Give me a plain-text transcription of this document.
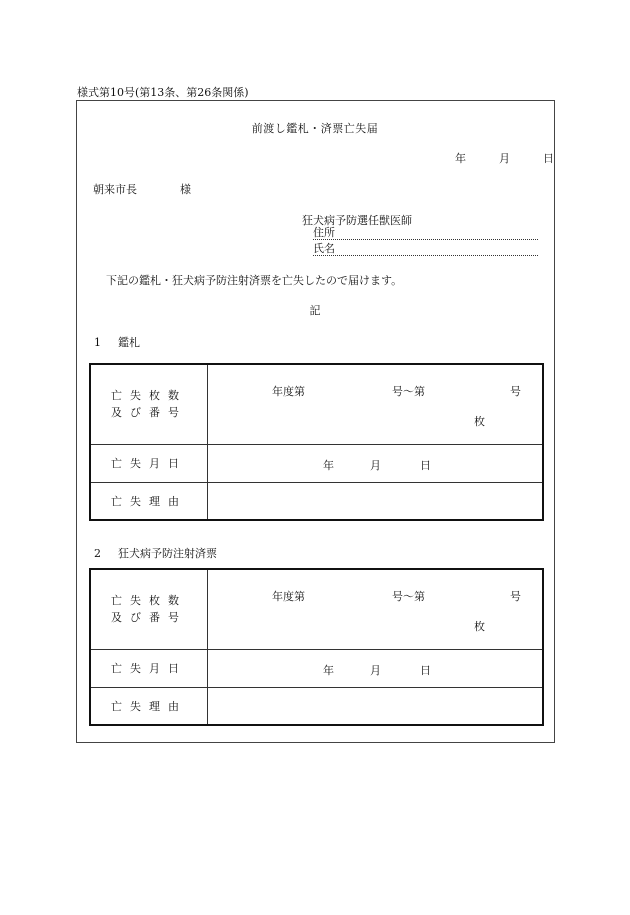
様式第10号(第13条、第26条関係)
前渡し鑑札・済票亡失届
年	月	日
朝来市長	様
狂犬病予防選任獣医師
住所
氏名
下記の鑑札・狂犬病予防注射済票を亡失したので届けます。
記
1 鑑札
亡失枚数
及び番号	年度第 号～第 号
枚

亡失月日	年 月 日

亡失理由	
2 狂犬病予防注射済票
亡失枚数
及び番号	年度第 号～第 号
枚

亡失月日	年 月 日

亡失理由	
